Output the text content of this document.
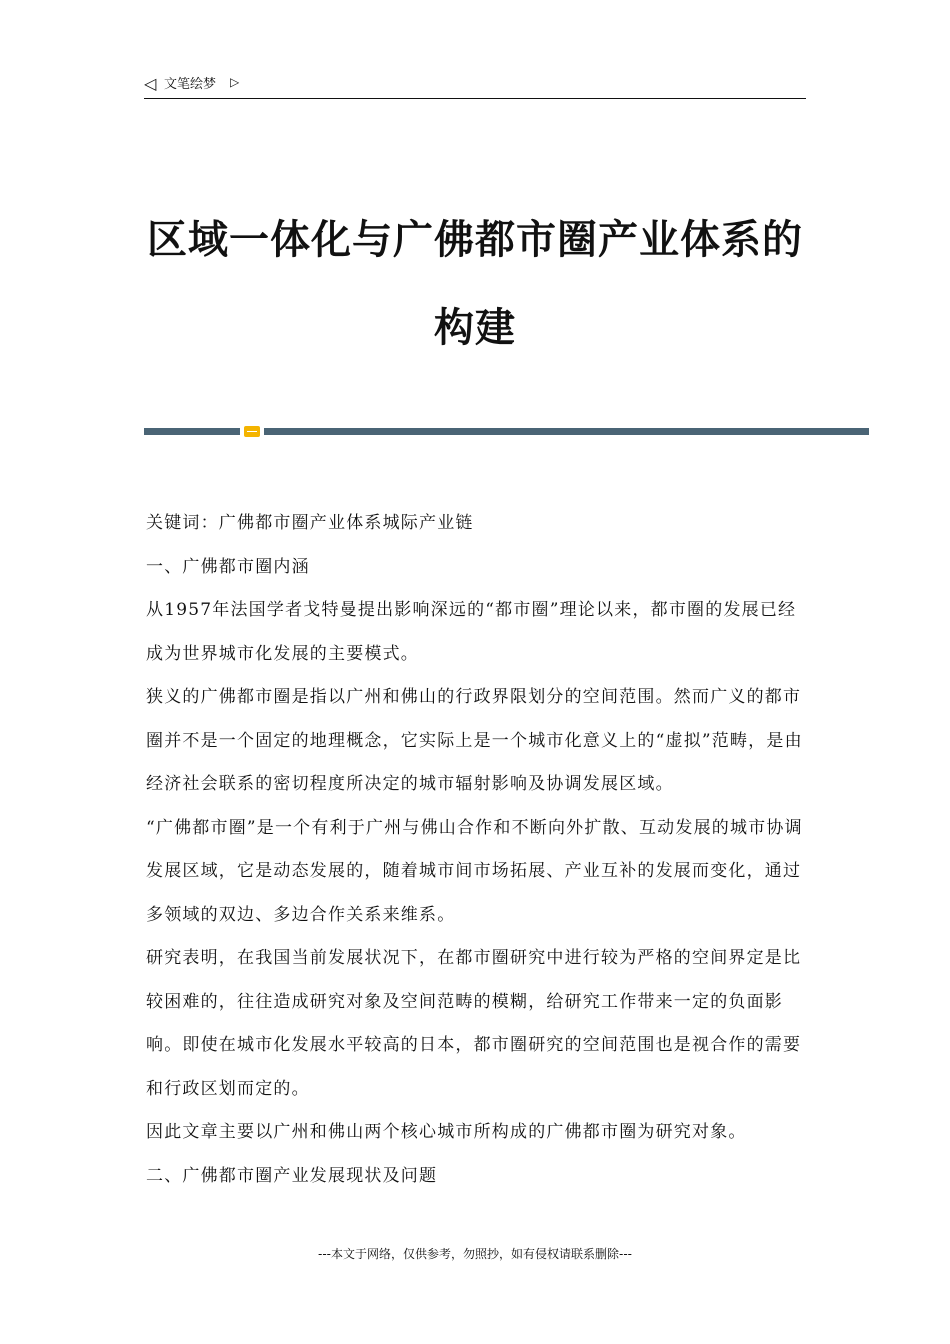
◁ 文笔绘梦 ▷
区域一体化与广佛都市圈产业体系的构建

关键词：广佛都市圈产业体系城际产业链

一、广佛都市圈内涵

从1957年法国学者戈特曼提出影响深远的“都市圈”理论以来，都市圈的发展已经成为世界城市化发展的主要模式。

狭义的广佛都市圈是指以广州和佛山的行政界限划分的空间范围。然而广义的都市圈并不是一个固定的地理概念，它实际上是一个城市化意义上的“虚拟”范畴，是由经济社会联系的密切程度所决定的城市辐射影响及协调发展区域。

“广佛都市圈”是一个有利于广州与佛山合作和不断向外扩散、互动发展的城市协调发展区域，它是动态发展的，随着城市间市场拓展、产业互补的发展而变化，通过多领域的双边、多边合作关系来维系。

研究表明，在我国当前发展状况下，在都市圈研究中进行较为严格的空间界定是比较困难的，往往造成研究对象及空间范畴的模糊，给研究工作带来一定的负面影响。即使在城市化发展水平较高的日本，都市圈研究的空间范围也是视合作的需要和行政区划而定的。

因此文章主要以广州和佛山两个核心城市所构成的广佛都市圈为研究对象。

二、广佛都市圈产业发展现状及问题

---本文于网络，仅供参考，勿照抄，如有侵权请联系删除---
